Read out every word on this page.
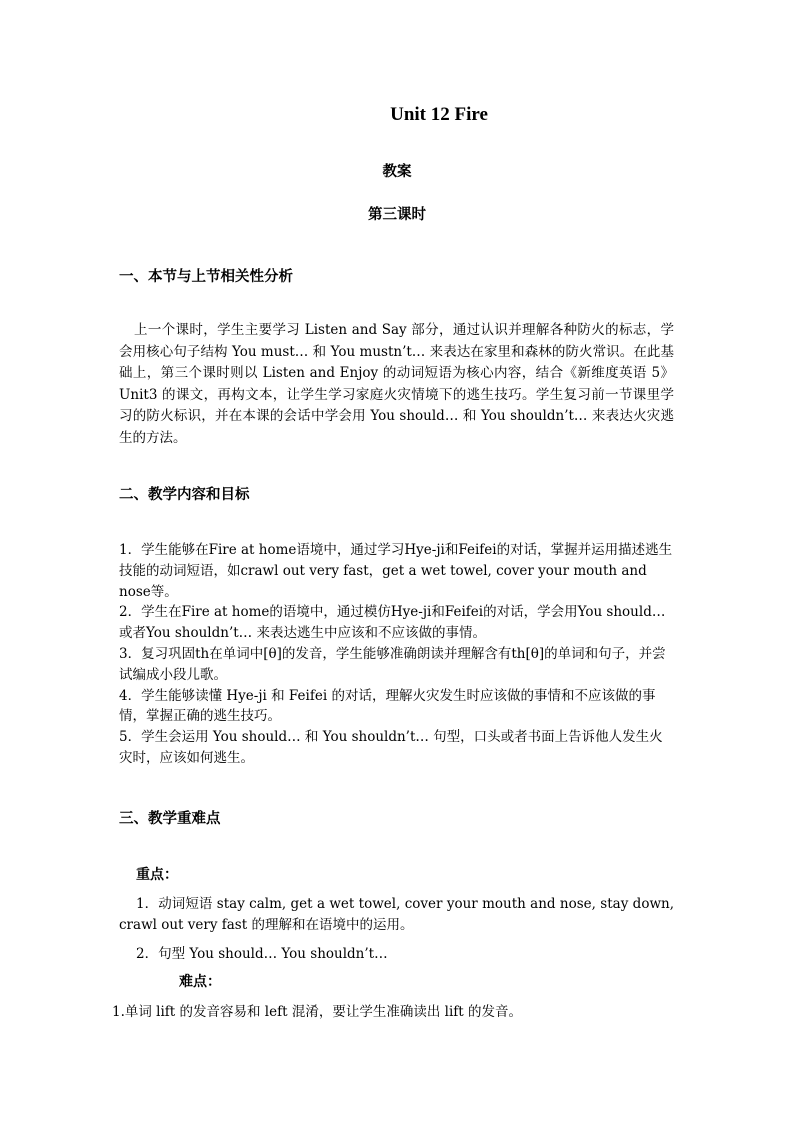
Unit 12 Fire
教案
第三课时
一、本节与上节相关性分析
上一个课时，学生主要学习 Listen and Say 部分，通过认识并理解各种防火的标志，学会用核心句子结构 You must… 和 You mustn’t… 来表达在家里和森林的防火常识。在此基础上，第三个课时则以 Listen and Enjoy 的动词短语为核心内容，结合《新维度英语 5》Unit3 的课文，再构文本，让学生学习家庭火灾情境下的逃生技巧。学生复习前一节课里学习的防火标识，并在本课的会话中学会用 You should… 和 You shouldn’t… 来表达火灾逃生的方法。
二、教学内容和目标

1．学生能够在Fire at home语境中，通过学习Hye-ji和Feifei的对话，掌握并运用描述逃生技能的动词短语，如crawl out very fast，get a wet towel, cover your mouth and nose等。

2．学生在Fire at home的语境中，通过模仿Hye-ji和Feifei的对话，学会用You should… 或者You shouldn’t… 来表达逃生中应该和不应该做的事情。

3．复习巩固th在单词中[θ]的发音，学生能够准确朗读并理解含有th[θ]的单词和句子，并尝试编成小段儿歌。

4．学生能够读懂 Hye-ji 和 Feifei 的对话，理解火灾发生时应该做的事情和不应该做的事情，掌握正确的逃生技巧。

5．学生会运用 You should… 和 You shouldn’t… 句型，口头或者书面上告诉他人发生火灾时，应该如何逃生。

三、教学重难点
重点：
1．动词短语 stay calm, get a wet towel, cover your mouth and nose, stay down, crawl out very fast 的理解和在语境中的运用。
2．句型 You should… You shouldn’t…
难点：
1.单词 lift 的发音容易和 left 混淆，要让学生准确读出 lift 的发音。
